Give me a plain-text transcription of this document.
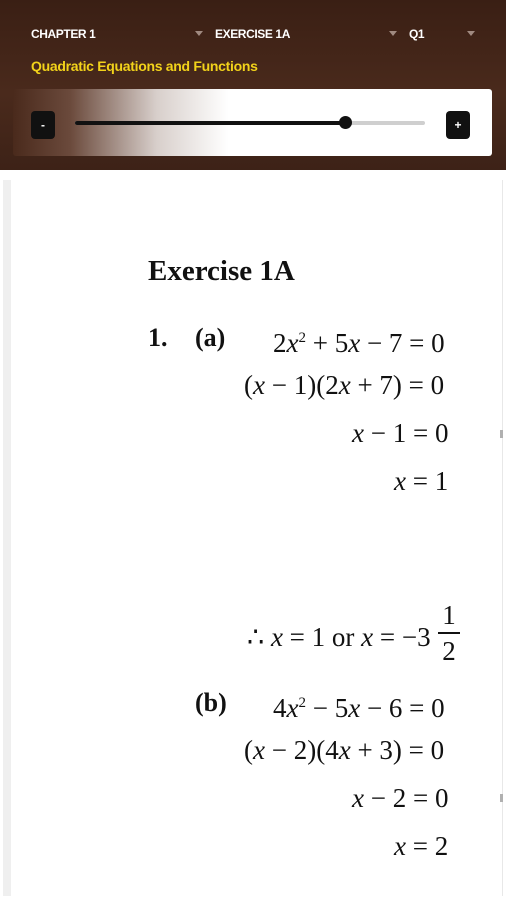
CHAPTER 1	EXERCISE 1A	Q1
Quadratic Equations and Functions
-	+
Exercise 1A
1. (a) $2x^2 + 5x - 7 = 0$
(x − 1)(2x + 7) = 0
x − 1 = 0
x = 1
∴ x = 1 or x = −3
1
2
(b) $4x^2 - 5x - 6 = 0$
(x − 2)(4x + 3) = 0
x − 2 = 0
x = 2
